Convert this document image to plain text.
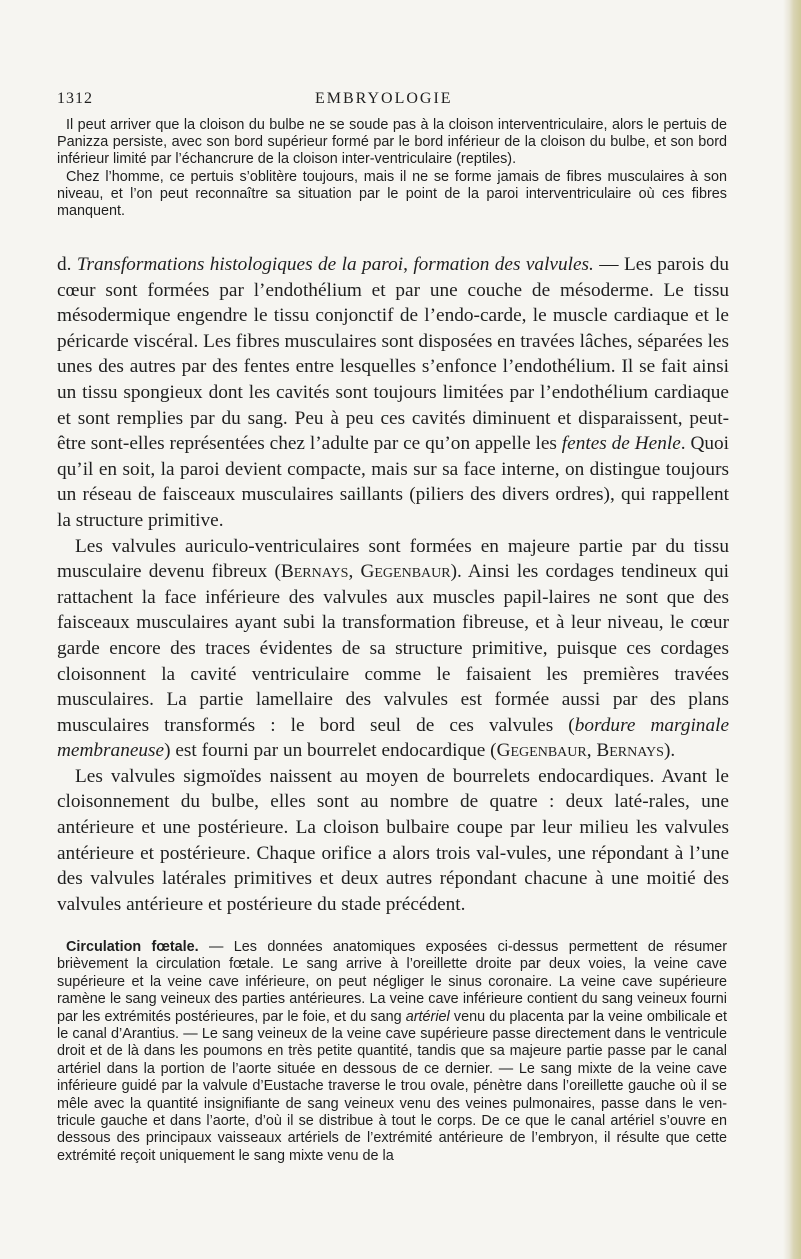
1312	EMBRYOLOGIE

Il peut arriver que la cloison du bulbe ne se soude pas à la cloison interventriculaire, alors le pertuis de Panizza persiste, avec son bord supérieur formé par le bord inférieur de la cloison du bulbe, et son bord inférieur limité par l’échancrure de la cloison inter-ventriculaire (reptiles).

Chez l’homme, ce pertuis s’oblitère toujours, mais il ne se forme jamais de fibres musculaires à son niveau, et l’on peut reconnaître sa situation par le point de la paroi interventriculaire où ces fibres manquent.

d. Transformations histologiques de la paroi, formation des valvules. — Les parois du cœur sont formées par l’endothélium et par une couche de mésoderme. Le tissu mésodermique engendre le tissu conjonctif de l’endo-carde, le muscle cardiaque et le péricarde viscéral. Les fibres musculaires sont disposées en travées lâches, séparées les unes des autres par des fentes entre lesquelles s’enfonce l’endothélium. Il se fait ainsi un tissu spongieux dont les cavités sont toujours limitées par l’endothélium cardiaque et sont remplies par du sang. Peu à peu ces cavités diminuent et disparaissent, peut-être sont-elles représentées chez l’adulte par ce qu’on appelle les fentes de Henle. Quoi qu’il en soit, la paroi devient compacte, mais sur sa face interne, on distingue toujours un réseau de faisceaux musculaires saillants (piliers des divers ordres), qui rappellent la structure primitive.

Les valvules auriculo-ventriculaires sont formées en majeure partie par du tissu musculaire devenu fibreux (Bernays, Gegenbaur). Ainsi les cordages tendineux qui rattachent la face inférieure des valvules aux muscles papil-laires ne sont que des faisceaux musculaires ayant subi la transformation fibreuse, et à leur niveau, le cœur garde encore des traces évidentes de sa structure primitive, puisque ces cordages cloisonnent la cavité ventriculaire comme le faisaient les premières travées musculaires. La partie lamellaire des valvules est formée aussi par des plans musculaires transformés : le bord seul de ces valvules (bordure marginale membraneuse) est fourni par un bourrelet endocardique (Gegenbaur, Bernays).

Les valvules sigmoïdes naissent au moyen de bourrelets endocardiques. Avant le cloisonnement du bulbe, elles sont au nombre de quatre : deux laté-rales, une antérieure et une postérieure. La cloison bulbaire coupe par leur milieu les valvules antérieure et postérieure. Chaque orifice a alors trois val-vules, une répondant à l’une des valvules latérales primitives et deux autres répondant chacune à une moitié des valvules antérieure et postérieure du stade précédent.

Circulation fœtale. — Les données anatomiques exposées ci-dessus permettent de résumer brièvement la circulation fœtale. Le sang arrive à l’oreillette droite par deux voies, la veine cave supérieure et la veine cave inférieure, on peut négliger le sinus coronaire. La veine cave supérieure ramène le sang veineux des parties antérieures. La veine cave inférieure contient du sang veineux fourni par les extrémités postérieures, par le foie, et du sang artériel venu du placenta par la veine ombilicale et le canal d’Arantius. — Le sang veineux de la veine cave supérieure passe directement dans le ventricule droit et de là dans les poumons en très petite quantité, tandis que sa majeure partie passe par le canal artériel dans la portion de l’aorte située en dessous de ce dernier. — Le sang mixte de la veine cave inférieure guidé par la valvule d’Eustache traverse le trou ovale, pénètre dans l’oreillette gauche où il se mêle avec la quantité insignifiante de sang veineux venu des veines pulmonaires, passe dans le ven-tricule gauche et dans l’aorte, d’où il se distribue à tout le corps. De ce que le canal artériel s’ouvre en dessous des principaux vaisseaux artériels de l’extrémité antérieure de l’embryon, il résulte que cette extrémité reçoit uniquement le sang mixte venu de la
